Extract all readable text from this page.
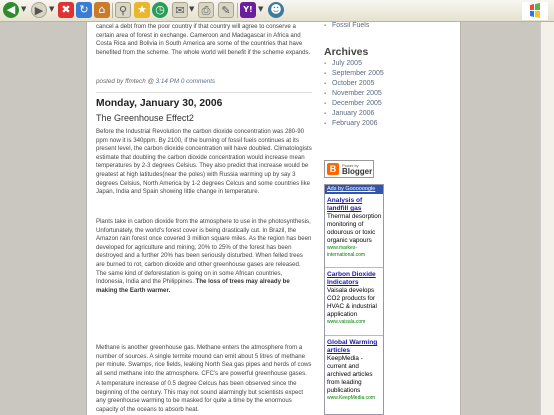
◀ ▼ ▶ ▼ ✖ ↻ ⌂	⚲ ★ ◷ ✉ ▼ ⎙ ✎	Y! ▼ ☻
cancel a debt from the poor country if that country will agree to conserve a certain area of forest in exchange. Cameroon and Madagascar in Africa and Costa Rica and Bolivia in South America are some of the countries that have benefited from the scheme. The whole world will benefit if the scheme expands.
posted by ffmtech @ 3:14 PM 0 comments
Monday, January 30, 2006
The Greenhouse Effect2
Before the Industrial Revolution the carbon dioxide concentration was 280-90 ppm now it is 340ppm. By 2100, if the burning of fossil fuels continues at its present level, the carbon dioxide concentration will have doubled. Climatologists estimate that doubling the carbon dioxide concentration would increase mean temperatures by 2-3 degrees Celsius. They also predict that increase would be greatest at high latitudes(near the poles) with Russia warming up by say 3 degrees Celsius, North America by 1-2 degrees Celcus and some countries like Japan, India and Spain showing little change in temperature.
Plants take in carbon dioxide from the atmosphere to use in the photosynthesis, Unfortunately, the world's forest cover is being drastically cut. In Brazil, the Amazon rain forest once covered 3 million square miles. As the region has been developed for agriculture and mining, 20% to 25% of the forest has been destroyed and a further 20% has been seriously disturbed. When felled trees are burned to rot, carbon dioxide and other greenhouse gases are released. The same kind of deforestation is going on in some African countries, Indonesia, India and the Philippines. The loss of trees may already be making the Earth warmer.
Methane is another greenhouse gas. Methane enters the atmosphere from a number of sources. A single termite mound can emit about 5 litres of methane per minute. Swamps, rice fields, leaking North Sea gas pipes and herds of cows all send methane into the atmosphere. CFC's are powerful greenhouse gases.
A temperature increase of 0.5 degree Celcus has been observed since the beginning of the century. This may not sound alarmingly but scientists expect any greenhouse warming to be masked for quite a time by the enormous capacity of the oceans to absorb heat.
▪ Fossil Fuels
Archives
▪ July 2005
▪ September 2005
▪ October 2005
▪ November 2005
▪ December 2005
▪ January 2006
▪ February 2006
B	Power by
Blogger
Ads by Goooooogle
Analysis of landfill gas
Thermal desorption monitoring of odourous or toxic organic vapours
www.markes-international.com
Carbon Dioxide Indicators
Vaisala develops CO2 products for HVAC & industrial application
www.vaisala.com
Global Warming articles
KeepMedia - current and archived articles from leading publications
www.KeepMedia.com
